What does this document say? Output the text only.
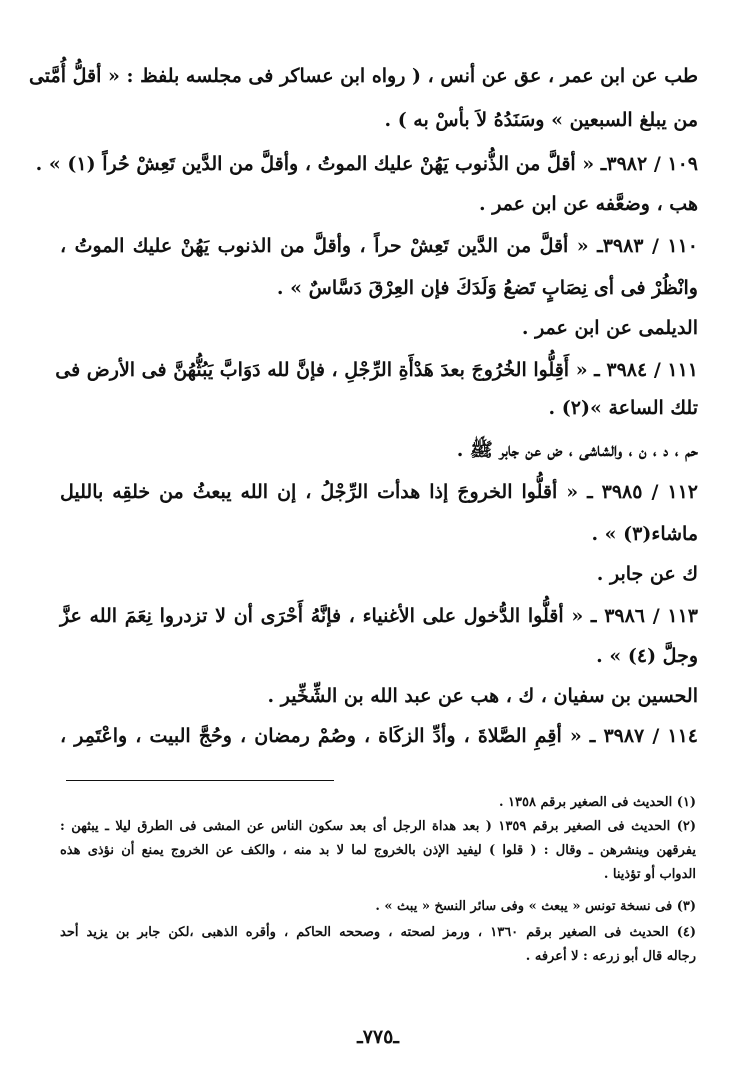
طب عن ابن عمر ، عق عن أنس ، ( رواه ابن عساكر فى مجلسه بلفظ : « أقلُّ أُمَّتى
من يبلغ السبعين » وسَنَدُهُ لاَ بأسْ به ) .
١٠٩ / ٣٩٨٢ـ « أقلَّ من الذُّنوب يَهُنْ عليك الموتُ ، وأقلَّ من الدَّين تَعِشْ حُراً (١) » .
هب ، وضعَّفه عن ابن عمر .
١١٠ / ٣٩٨٣ـ « أقلَّ من الدَّين تَعِشْ حراً ، وأقلَّ من الذنوب يَهُنْ عليك الموتُ ،
وانْظُرْ فى أى نِصَابٍ تَضعُ وَلَدَكَ فإن العِرْقَ دَسَّاسٌ » .
الديلمى عن ابن عمر .
١١١ / ٣٩٨٤ ـ « أَقِلُّوا الخُرُوجَ بعدَ هَدْأَةِ الرِّجْلِ ، فإنَّ لله دَوَابَّ يَبُثُّهُنَّ فى الأرض فى
تلك الساعة »(٢) .
حم ، د ، ن ، والشاشى ، ض عن جابر ﷺ .
١١٢ / ٣٩٨٥ ـ « أقلُّوا الخروجَ إذا هدأت الرِّجْلُ ، إن الله يبعثُ من خلقِه بالليل
ماشاء(٣) » .
ك عن جابر .
١١٣ / ٣٩٨٦ ـ « أقلُّوا الدُّخول على الأغنياء ، فإنَّهُ أَحْرَى أن لا تزدروا نِعَمَ الله عزَّ
وجلَّ (٤) » .
الحسين بن سفيان ، ك ، هب عن عبد الله بن الشِّخِّير .
١١٤ / ٣٩٨٧ ـ « أقِمِ الصَّلاةَ ، وأدِّ الزكَاة ، وصُمْ رمضان ، وحُجَّ البيت ، واعْتَمِر ،
(١) الحديث فى الصغير برقم ١٣٥٨ .
(٢) الحديث فى الصغير برقم ١٣٥٩ ( بعد هداة الرجل أى بعد سكون الناس عن المشى فى الطرق ليلا ـ يبثهن :
يفرقهن وينشرهن ـ وقال : ( قلوا ) ليفيد الإذن بالخروج لما لا بد منه ، والكف عن الخروج يمنع أن نؤذى هذه
الدواب أو تؤذينا .
(٣) فى نسخة تونس « يبعث » وفى سائر النسخ « يبث » .
(٤) الحديث فى الصغير برقم ١٣٦٠ ، ورمز لصحته ، وصححه الحاكم ، وأقره الذهبى ،لكن جابر بن يزيد أحد
رجاله قال أبو زرعه : لا أعرفه .
ـ٧٧٥ـ
